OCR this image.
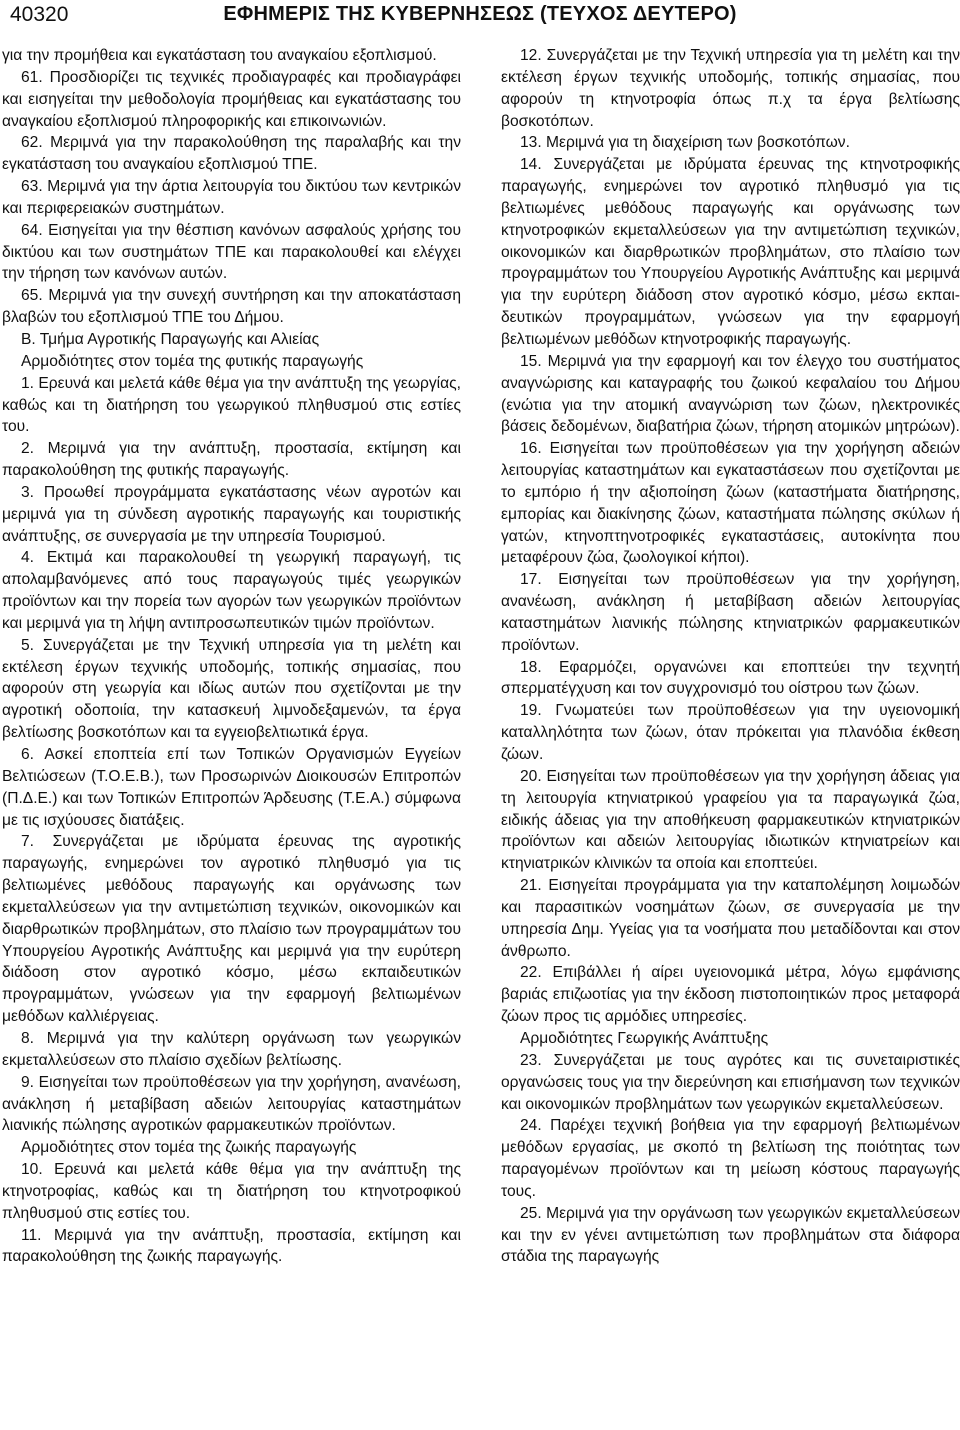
40320	ΕΦΗΜΕΡΙΣ ΤΗΣ ΚΥΒΕΡΝΗΣΕΩΣ (ΤΕΥΧΟΣ ΔΕΥΤΕΡΟ)

για την προμήθεια και εγκατάσταση του αναγκαίου εξοπλισμού.

61. Προσδιορίζει τις τεχνικές προδιαγραφές και προδιαγράφει και εισηγείται την μεθοδολογία προμήθειας και εγκατάστασης του αναγκαίου εξοπλισμού πληροφορικής και επικοινωνιών.

62. Μεριμνά για την παρακολούθηση της παραλαβής και την εγκατάσταση του αναγκαίου εξοπλισμού ΤΠΕ.

63. Μεριμνά για την άρτια λειτουργία του δικτύου των κεντρικών και περιφερειακών συστημάτων.

64. Εισηγείται για την θέσπιση κανόνων ασφαλούς χρήσης του δικτύου και των συστημάτων ΤΠΕ και παρακολουθεί και ελέγχει την τήρηση των κανόνων αυτών.

65. Μεριμνά για την συνεχή συντήρηση και την αποκατάσταση βλαβών του εξοπλισμού ΤΠΕ του Δήμου.

Β. Τμήμα Αγροτικής Παραγωγής και Αλιείας

Αρμοδιότητες στον τομέα της φυτικής παραγωγής

1. Ερευνά και μελετά κάθε θέμα για την ανάπτυξη της γεωργίας, καθώς και τη διατήρηση του γεωργικού πληθυσμού στις εστίες του.

2. Μεριμνά για την ανάπτυξη, προστασία, εκτίμηση και παρακολούθηση της φυτικής παραγωγής.

3. Προωθεί προγράμματα εγκατάστασης νέων αγροτών και μεριμνά για τη σύνδεση αγροτικής παραγωγής και τουριστικής ανάπτυξης, σε συνεργασία με την υπηρεσία Τουρισμού.

4. Εκτιμά και παρακολουθεί τη γεωργική παραγωγή, τις απολαμβανόμενες από τους παραγωγούς τιμές γεωργικών προϊόντων και την πορεία των αγορών των γεωργικών προϊόντων και μεριμνά για τη λήψη αντιπροσωπευτικών τιμών προϊόντων.

5. Συνεργάζεται με την Τεχνική υπηρεσία για τη μελέτη και εκτέλεση έργων τεχνικής υποδομής, τοπικής σημασίας, που αφορούν στη γεωργία και ιδίως αυτών που σχετίζονται με την αγροτική οδοποιία, την κατασκευή λιμνοδεξαμενών, τα έργα βελτίωσης βοσκοτόπων και τα εγγειοβελτιωτικά έργα.

6. Ασκεί εποπτεία επί των Τοπικών Οργανισμών Εγγείων Βελτιώσεων (Τ.Ο.Ε.Β.), των Προσωρινών Διοικουσών Επιτροπών (Π.Δ.Ε.) και των Τοπικών Επιτροπών Άρδευσης (Τ.Ε.Α.) σύμφωνα με τις ισχύουσες διατάξεις.

7. Συνεργάζεται με ιδρύματα έρευνας της αγροτικής παραγωγής, ενημερώνει τον αγροτικό πληθυσμό για τις βελτιωμένες μεθόδους παραγωγής και οργάνωσης των εκμεταλλεύσεων για την αντιμετώπιση τεχνικών, οικονομικών και διαρθρωτικών προβλημάτων, στο πλαίσιο των προγραμμάτων του Υπουργείου Αγροτικής Ανάπτυξης και μεριμνά για την ευρύτερη διάδοση στον αγροτικό κόσμο, μέσω εκπαιδευτικών προγραμμάτων, γνώσεων για την εφαρμογή βελτιωμένων μεθόδων καλλιέργειας.

8. Μεριμνά για την καλύτερη οργάνωση των γεωργικών εκμεταλλεύσεων στο πλαίσιο σχεδίων βελτίωσης.

9. Εισηγείται των προϋποθέσεων για την χορήγηση, ανανέωση, ανάκληση ή μεταβίβαση αδειών λειτουργίας καταστημάτων λιανικής πώλησης αγροτικών φαρμακευτικών προϊόντων.

Αρμοδιότητες στον τομέα της ζωικής παραγωγής

10. Ερευνά και μελετά κάθε θέμα για την ανάπτυξη της κτηνοτροφίας, καθώς και τη διατήρηση του κτηνοτροφικού πληθυσμού στις εστίες του.

11. Μεριμνά για την ανάπτυξη, προστασία, εκτίμηση και παρακολούθηση της ζωικής παραγωγής.

12. Συνεργάζεται με την Τεχνική υπηρεσία για τη μελέτη και την εκτέλεση έργων τεχνικής υποδομής, τοπικής σημασίας, που αφορούν τη κτηνοτροφία όπως π.χ τα έργα βελτίωσης βοσκοτόπων.

13. Μεριμνά για τη διαχείριση των βοσκοτόπων.

14. Συνεργάζεται με ιδρύματα έρευνας της κτηνοτροφικής παραγωγής, ενημερώνει τον αγροτικό πληθυσμό για τις βελτιωμένες μεθόδους παραγωγής και οργάνωσης των κτηνοτροφικών εκμεταλλεύσεων για την αντιμετώπιση τεχνικών, οικονομικών και διαρθρωτικών προβλημάτων, στο πλαίσιο των προγραμμάτων του Υπουργείου Αγροτικής Ανάπτυξης και μεριμνά για την ευρύτερη διάδοση στον αγροτικό κόσμο, μέσω εκπαιδευτικών προγραμμάτων, γνώσεων για την εφαρμογή βελτιωμένων μεθόδων κτηνοτροφικής παραγωγής.

15. Μεριμνά για την εφαρμογή και τον έλεγχο του συστήματος αναγνώρισης και καταγραφής του ζωικού κεφαλαίου του Δήμου (ενώτια για την ατομική αναγνώριση των ζώων, ηλεκτρονικές βάσεις δεδομένων, διαβατήρια ζώων, τήρηση ατομικών μητρώων).

16. Εισηγείται των προϋποθέσεων για την χορήγηση αδειών λειτουργίας καταστημάτων και εγκαταστάσεων που σχετίζονται με το εμπόριο ή την αξιοποίηση ζώων (καταστήματα διατήρησης, εμπορίας και διακίνησης ζώων, καταστήματα πώλησης σκύλων ή γατών, κτηνοπτηνοτροφικές εγκαταστάσεις, αυτοκίνητα που μεταφέρουν ζώα, ζωολογικοί κήποι).

17. Εισηγείται των προϋποθέσεων για την χορήγηση, ανανέωση, ανάκληση ή μεταβίβαση αδειών λειτουργίας καταστημάτων λιανικής πώλησης κτηνιατρικών φαρμακευτικών προϊόντων.

18. Εφαρμόζει, οργανώνει και εποπτεύει την τεχνητή σπερματέγχυση και τον συγχρονισμό του οίστρου των ζώων.

19. Γνωματεύει των προϋποθέσεων για την υγειονομική καταλληλότητα των ζώων, όταν πρόκειται για πλανόδια έκθεση ζώων.

20. Εισηγείται των προϋποθέσεων για την χορήγηση άδειας για τη λειτουργία κτηνιατρικού γραφείου για τα παραγωγικά ζώα, ειδικής άδειας για την αποθήκευση φαρμακευτικών κτηνιατρικών προϊόντων και αδειών λειτουργίας ιδιωτικών κτηνιατρείων και κτηνιατρικών κλινικών τα οποία και εποπτεύει.

21. Εισηγείται προγράμματα για την καταπολέμηση λοιμωδών και παρασιτικών νοσημάτων ζώων, σε συνεργασία με την υπηρεσία Δημ. Υγείας για τα νοσήματα που μεταδίδονται και στον άνθρωπο.

22. Επιβάλλει ή αίρει υγειονομικά μέτρα, λόγω εμφάνισης βαριάς επιζωοτίας για την έκδοση πιστοποιητικών προς μεταφορά ζώων προς τις αρμόδιες υπηρεσίες.

Αρμοδιότητες Γεωργικής Ανάπτυξης

23. Συνεργάζεται με τους αγρότες και τις συνεταιριστικές οργανώσεις τους για την διερεύνηση και επισήμανση των τεχνικών και οικονομικών προβλημάτων των γεωργικών εκμεταλλεύσεων.

24. Παρέχει τεχνική βοήθεια για την εφαρμογή βελτιωμένων μεθόδων εργασίας, με σκοπό τη βελτίωση της ποιότητας των παραγομένων προϊόντων και τη μείωση κόστους παραγωγής τους.

25. Μεριμνά για την οργάνωση των γεωργικών εκμεταλλεύσεων και την εν γένει αντιμετώπιση των προβλημάτων στα διάφορα στάδια της παραγωγής
